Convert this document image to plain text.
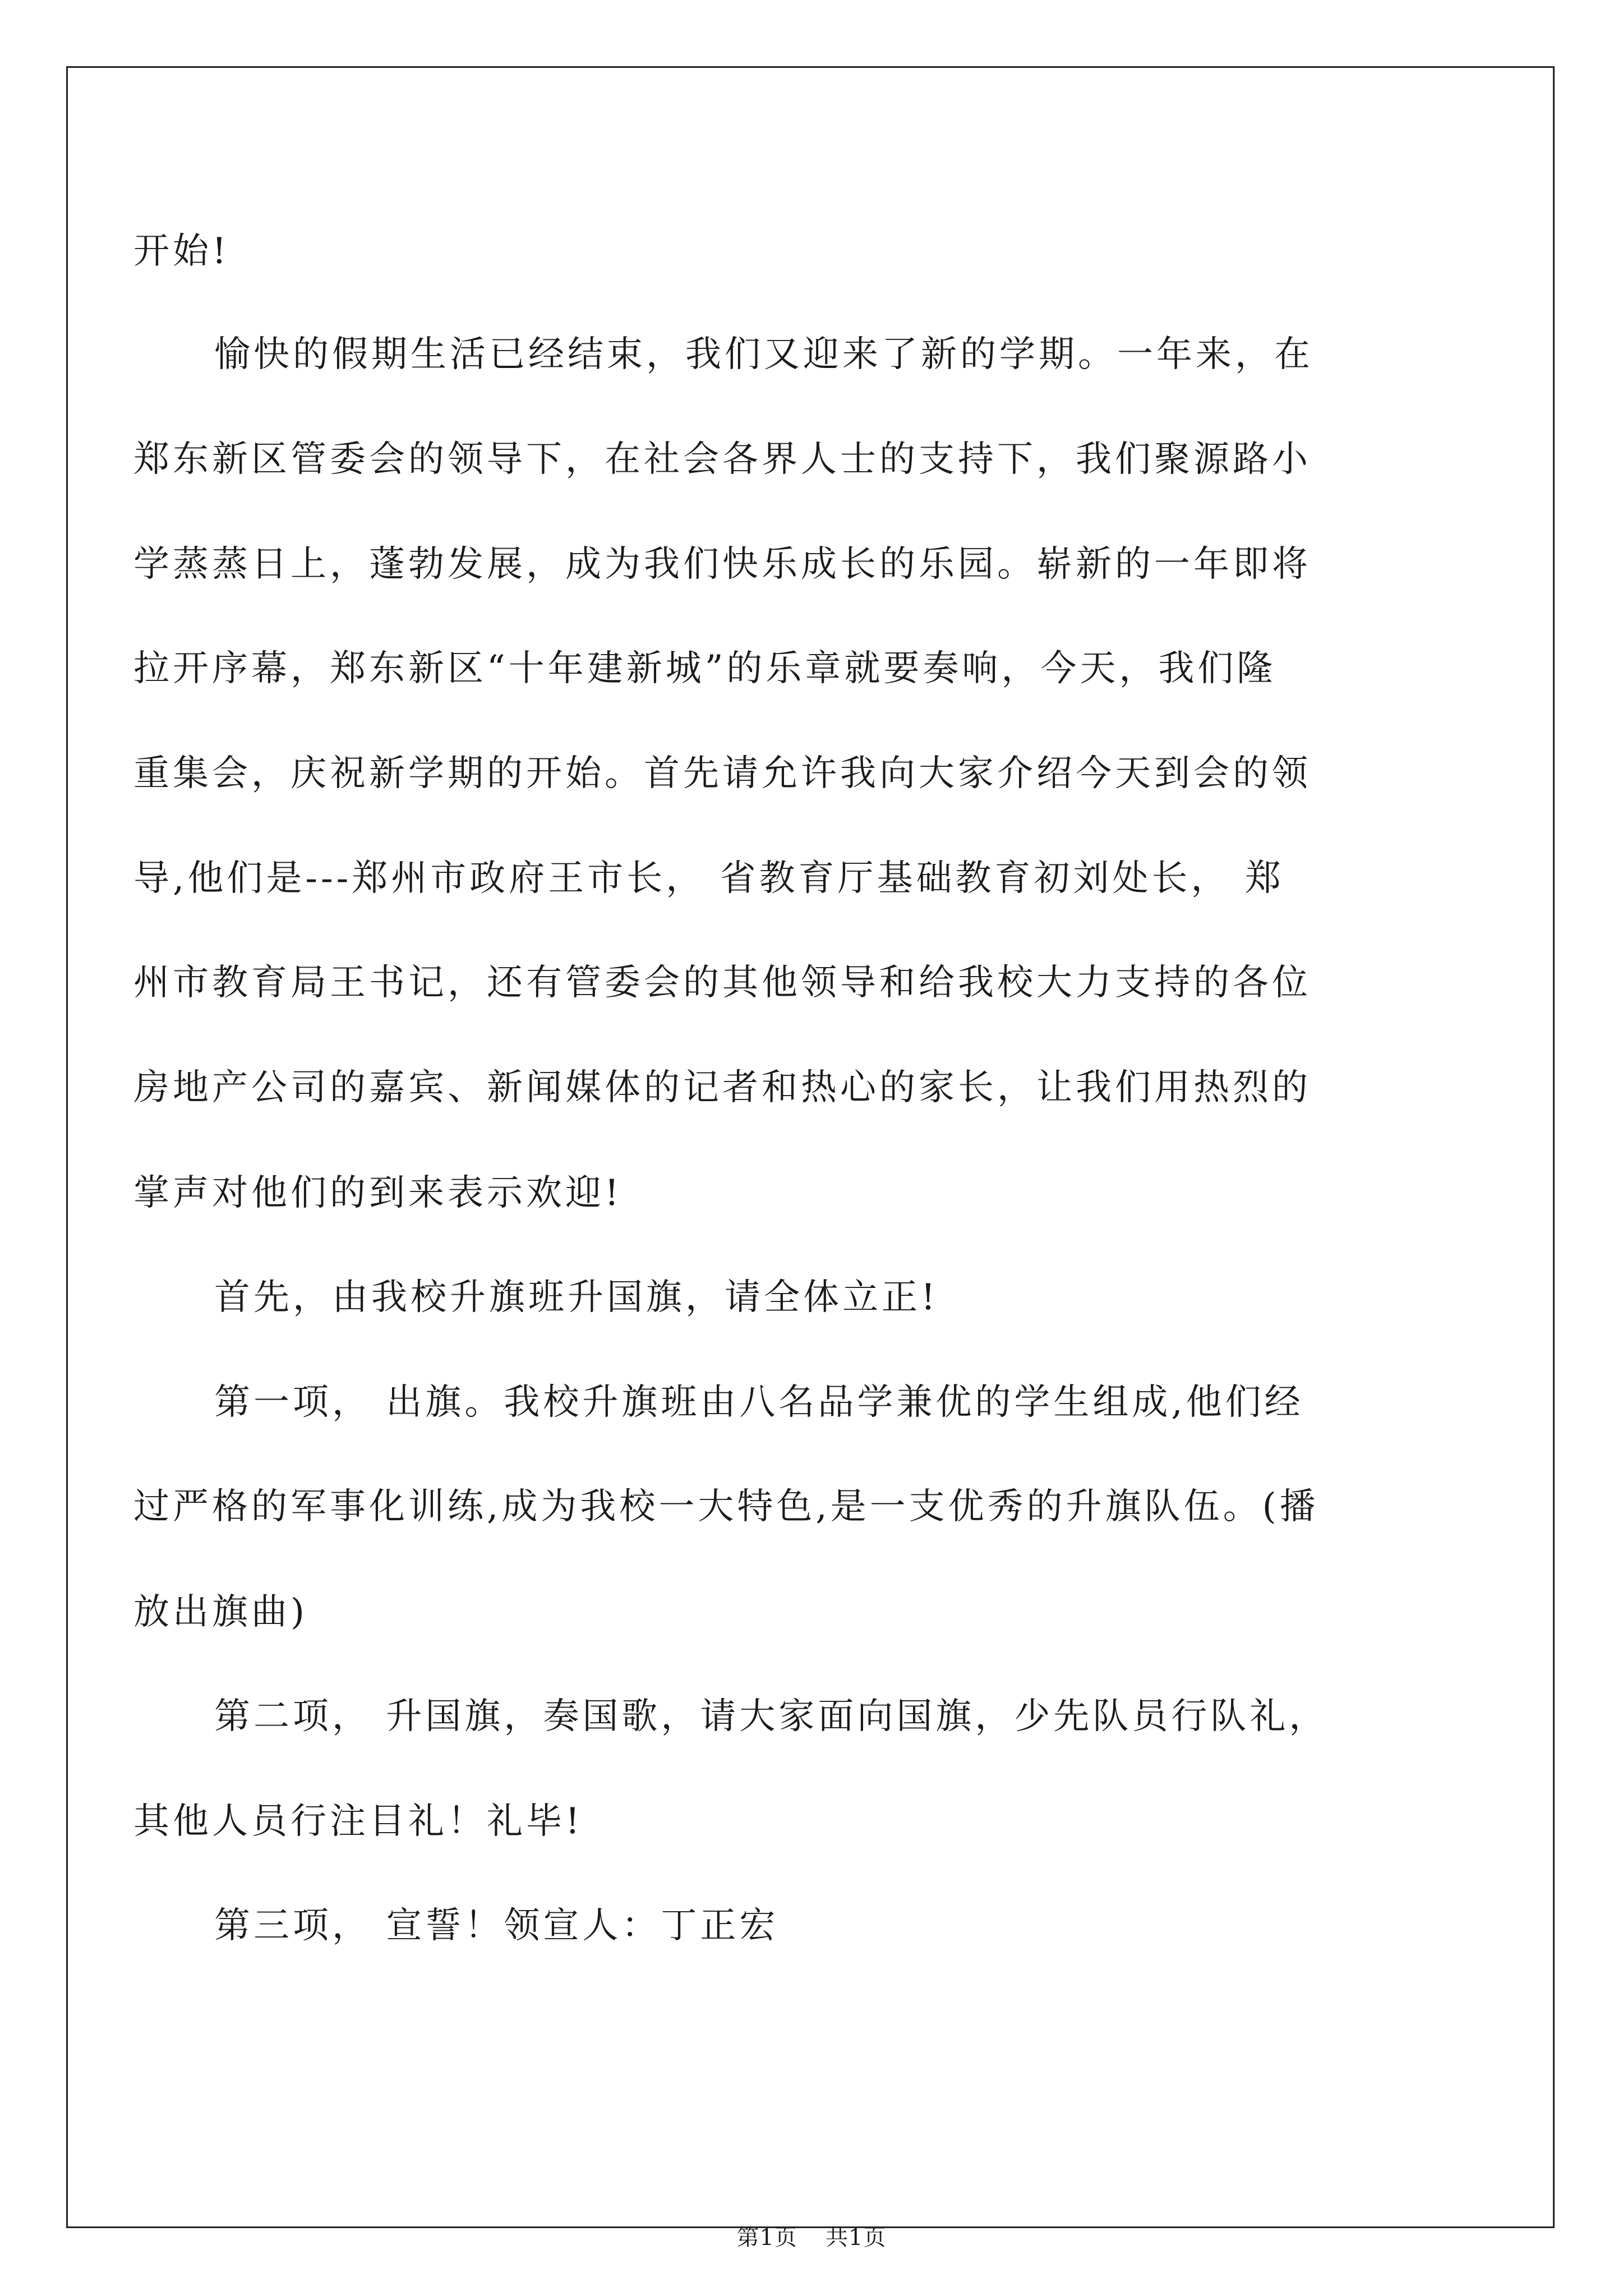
开始!
愉快的假期生活已经结束，我们又迎来了新的学期。一年来，在
郑东新区管委会的领导下，在社会各界人士的支持下，我们聚源路小
学蒸蒸日上，蓬勃发展，成为我们快乐成长的乐园。崭新的一年即将
拉开序幕，郑东新区“十年建新城”的乐章就要奏响，今天，我们隆
重集会，庆祝新学期的开始。首先请允许我向大家介绍今天到会的领
导,他们是---郑州市政府王市长， 省教育厅基础教育初刘处长， 郑
州市教育局王书记，还有管委会的其他领导和给我校大力支持的各位
房地产公司的嘉宾、新闻媒体的记者和热心的家长，让我们用热烈的
掌声对他们的到来表示欢迎!
首先，由我校升旗班升国旗，请全体立正!
第一项， 出旗。我校升旗班由八名品学兼优的学生组成,他们经
过严格的军事化训练,成为我校一大特色,是一支优秀的升旗队伍。(播
放出旗曲)
第二项， 升国旗，奏国歌，请大家面向国旗，少先队员行队礼，
其他人员行注目礼！礼毕!
第三项， 宣誓！领宣人：丁正宏
第1页 共1页
